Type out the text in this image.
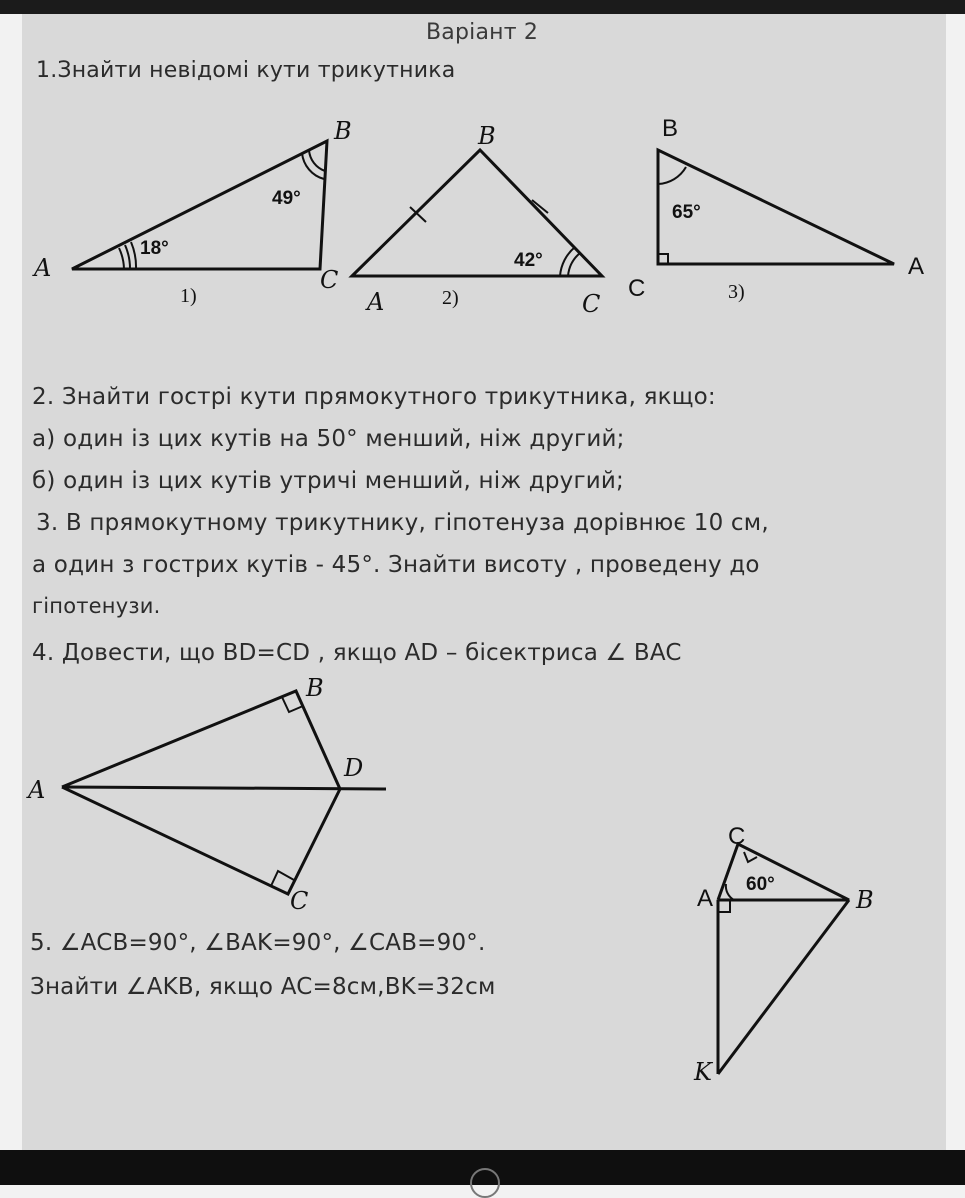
Варіант 2
1.Знайти невідомі кути трикутника
2. Знайти гострі кути прямокутного трикутника, якщо:
а) один із цих кутів на 50° менший, ніж другий;
б) один із цих кутів утричі менший, ніж другий;
3. В прямокутному трикутнику, гіпотенуза дорівнює 10 см,
а один з гострих кутів - 45°. Знайти висоту , проведену до
гіпотенузи.
4. Довести, що BD=CD , якщо AD – бісектриса ∠ BAC
5. ∠ACB=90°, ∠BAK=90°, ∠CAB=90°.
Знайти ∠AKB, якщо AC=8см,BK=32см
A
B
C
18°
49°
1)
B
A	C
42°
2)
B
C
A
65°
3)
A
B
D
C
C
A	B
K
60°
